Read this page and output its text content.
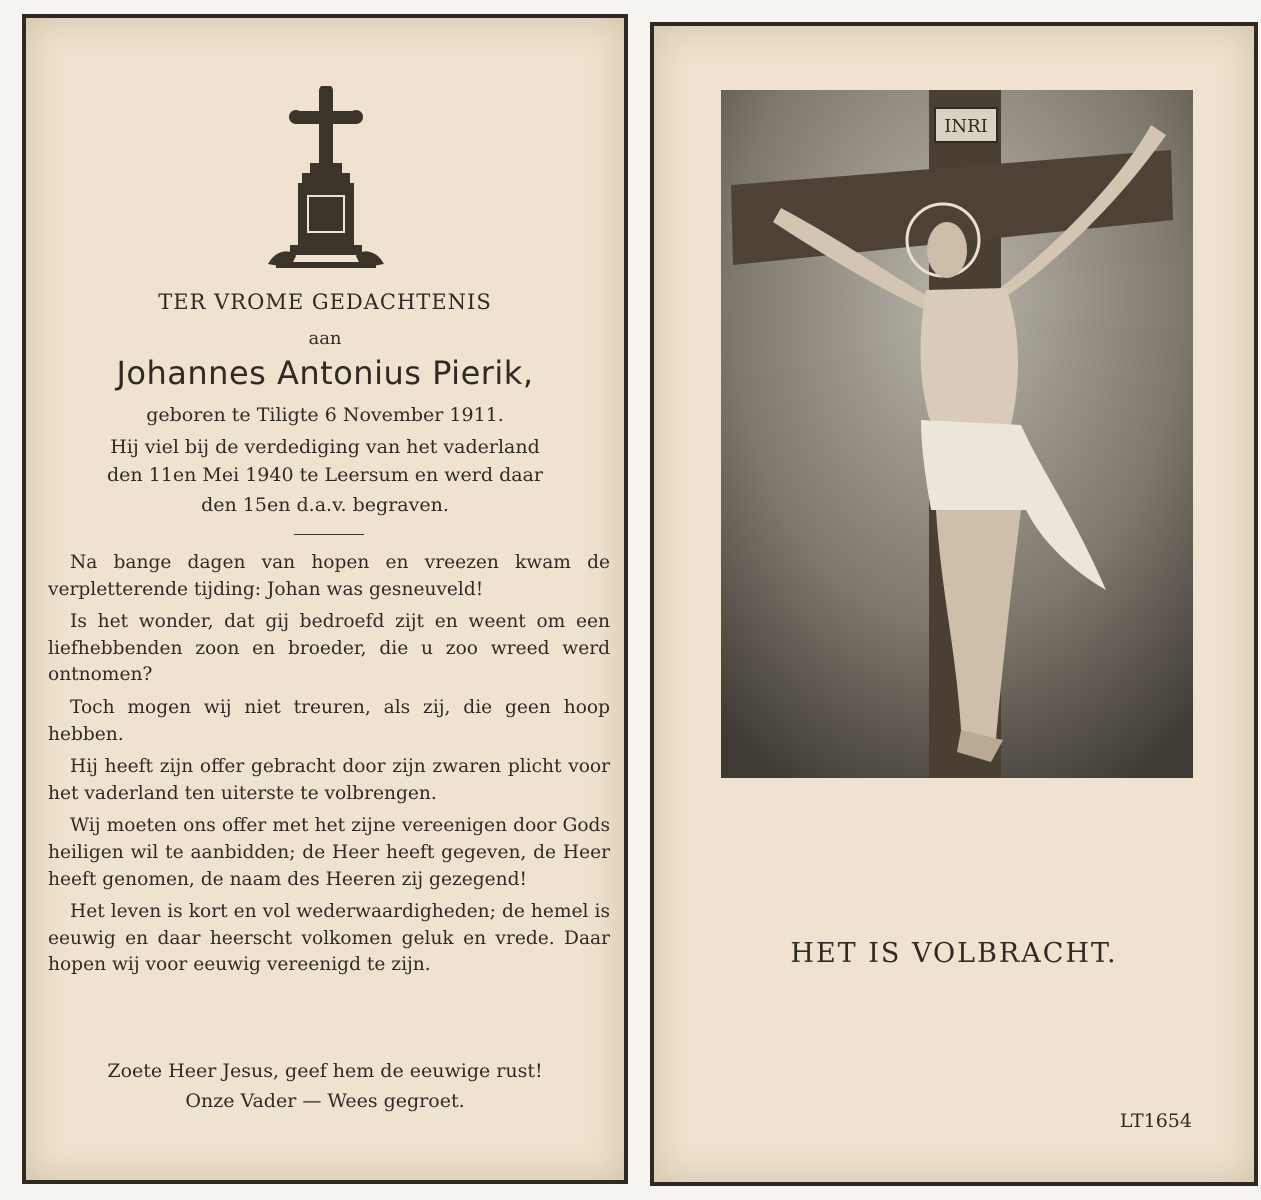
TER VROME GEDACHTENIS
aan
Johannes Antonius Pierik,
geboren te Tiligte 6 November 1911.
Hij viel bij de verdediging van het vaderland
den 11en Mei 1940 te Leersum en werd daar
den 15en d.a.v. begraven.

Na bange dagen van hopen en vreezen kwam de verpletterende tijding: Johan was gesneuveld!

Is het wonder, dat gij bedroefd zijt en weent om een liefhebbenden zoon en broeder, die u zoo wreed werd ontnomen?

Toch mogen wij niet treuren, als zij, die geen hoop hebben.

Hij heeft zijn offer gebracht door zijn zwaren plicht voor het vaderland ten uiterste te volbrengen.

Wij moeten ons offer met het zijne vereenigen door Gods heiligen wil te aanbidden; de Heer heeft gegeven, de Heer heeft genomen, de naam des Heeren zij gezegend!

Het leven is kort en vol wederwaardigheden; de hemel is eeuwig en daar heerscht volkomen geluk en vrede. Daar hopen wij voor eeuwig vereenigd te zijn.

Zoete Heer Jesus, geef hem de eeuwige rust!
Onze Vader — Wees gegroet.
INRI
HET IS VOLBRACHT.
LT1654
